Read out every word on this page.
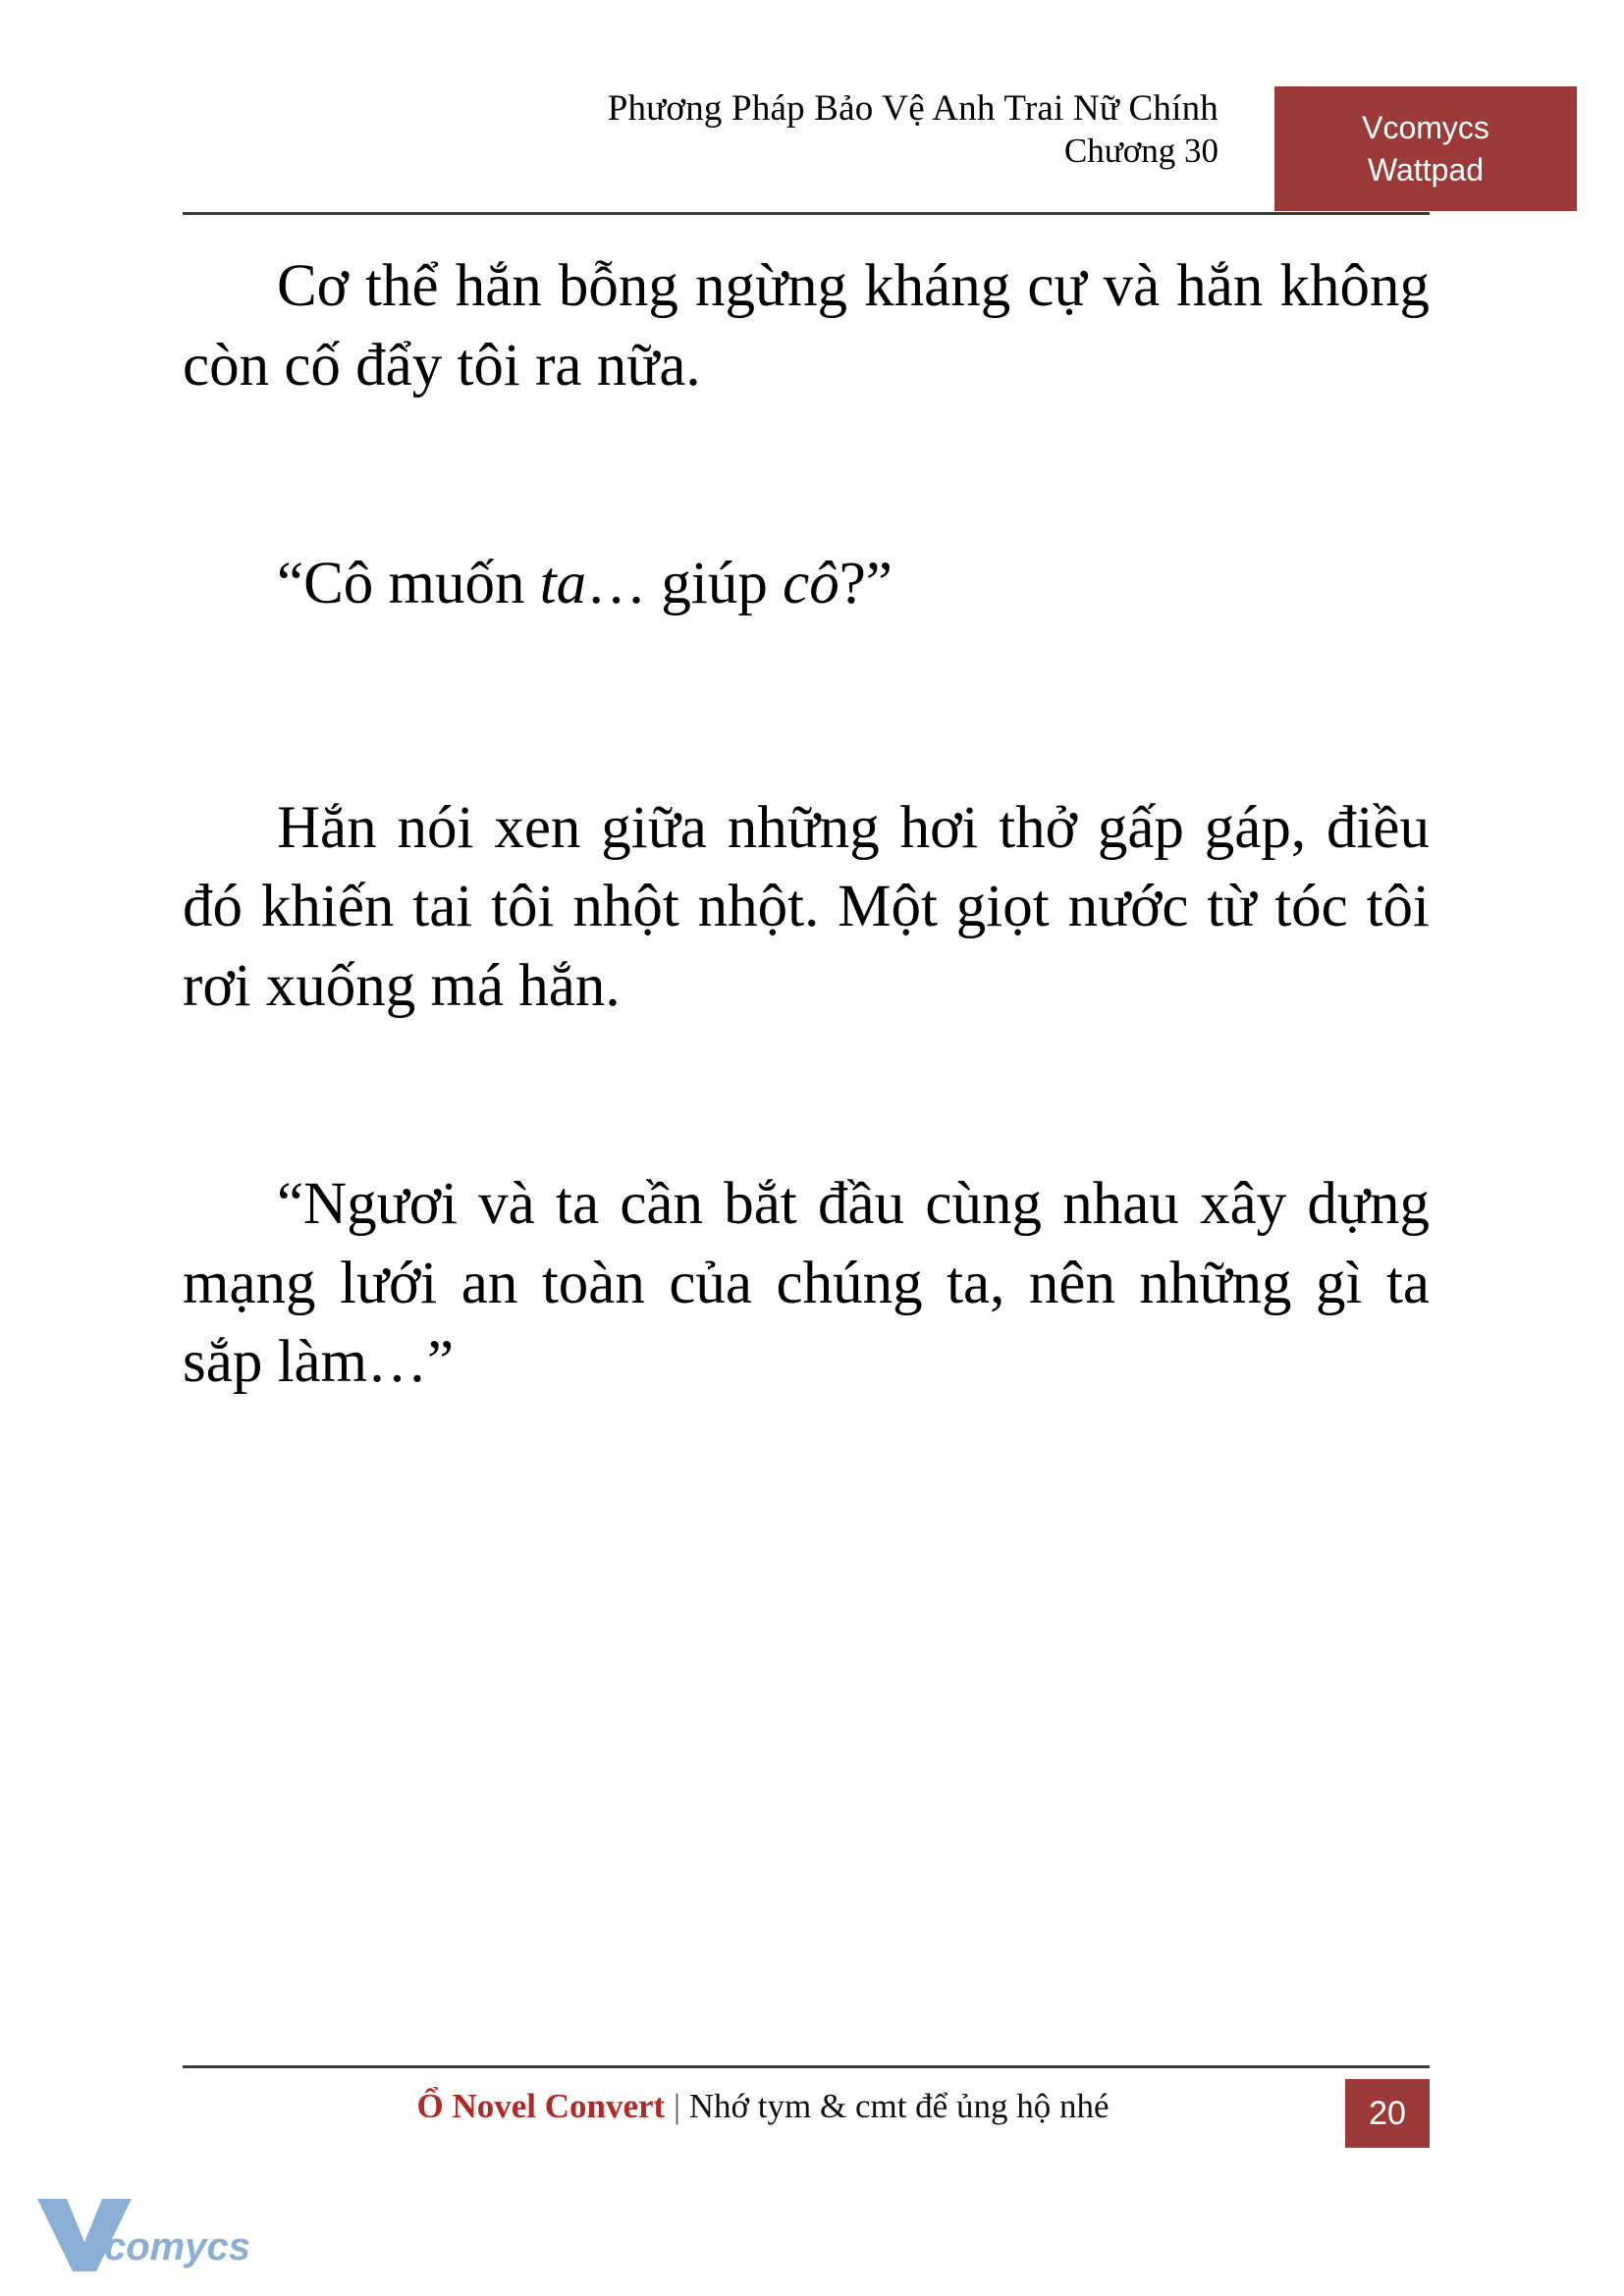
Phương Pháp Bảo Vệ Anh Trai Nữ Chính
Chương 30
Vcomycs
Wattpad

Cơ thể hắn bỗng ngừng kháng cự và hắn không còn cố đẩy tôi ra nữa.

“Cô muốn ta… giúp cô?”

Hắn nói xen giữa những hơi thở gấp gáp, điều đó khiến tai tôi nhột nhột. Một giọt nước từ tóc tôi rơi xuống má hắn.

“Ngươi và ta cần bắt đầu cùng nhau xây dựng mạng lưới an toàn của chúng ta, nên những gì ta sắp làm…”

Ổ Novel Convert | Nhớ tym & cmt để ủng hộ nhé	20
comycs
